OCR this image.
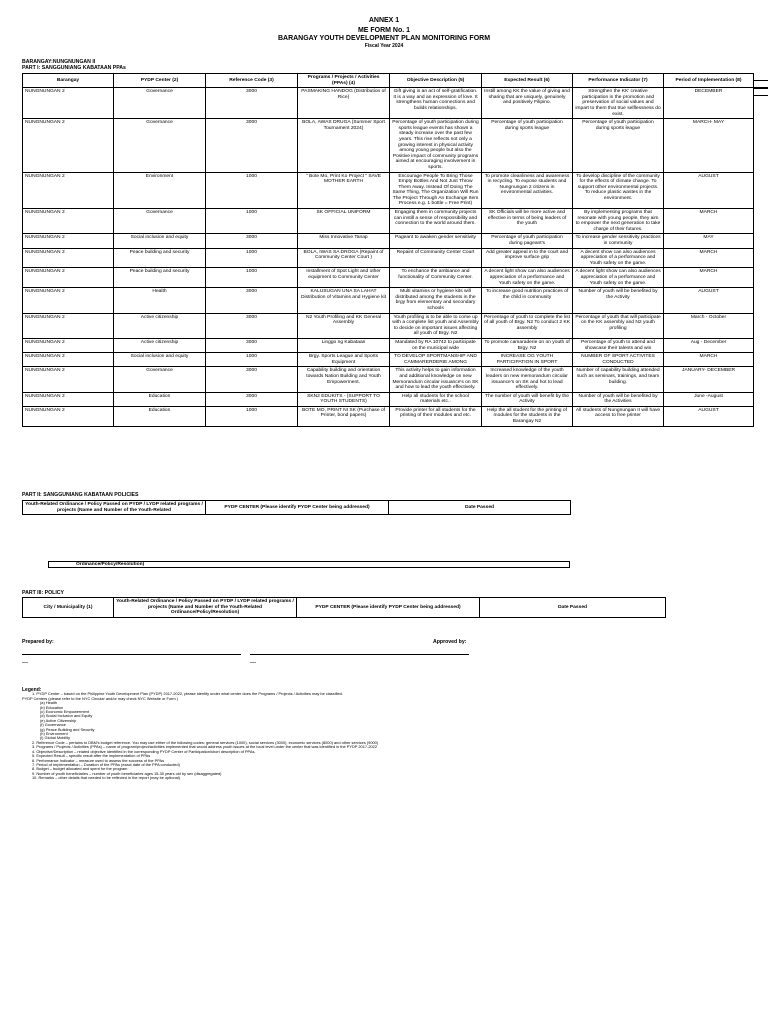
ANNEX 1
ME FORM No. 1
BARANGAY YOUTH DEVELOPMENT PLAN MONITORING FORM
Fiscal Year 2024
BARANGAY:NUNGNUNGAN II
PART I: SANGGUNIANG KABATAAN PPAs
Barangay	PYDP Center (2)	Reference Code (3)	Programs / Projects / Activities (PPAs) (4)	Objective Description (5)	Expected Result (6)	Performance Indicator (7)	Period of Implementation (8)
NUNGNUNGAN 2	Governance	3000	PASMAKING HANDOG (Distribution of Rice)	Gift giving is an act of self-gratification. It is a way and an expression of love. It strengthens human connections and builds relationships.	Instill among KK the value of giving and sharing that are uniquely, genuinely and positively Filipino.	Strengthen the KK' creative participation in the promotion and preservation of social values and impart to them that true selflessness do exist.	DECEMBER
NUNGNUNGAN 2	Governance	3000	BOLA, AWAS DRUGA (Summer Sport Tournament 2024)	Percentage of youth participation during sports league events has shown a steady increase over the past few years. This rise reflects not only a growing interest in physical activity among young people but also the Positive impact of community programs aimed at encouraging involvement in sports.	Percentage of youth participation during sports league	Percentage of youth participation during sports league	MARCH- MAY
NUNGNUNGAN 2	Environment	1000	" Bote Mo, Print Ko Project " SAVE MOTHER EARTH	Encourage People To Bring Those Empty Bottles And Not Just Throw Them Away. Instead Of Doing The Same Thing, The Organization Will Run The Project Through An Exchange Item Process e.g. 1 bottle = Free Print)	To promote cleanliness and awareness in recycling. To expose students and Nungnungan 2 citizens in environmental activities.	To develop discipline of the community for the effects of climate change. To support other environmental projects. To reduce plastic wastes in the environment.	AUGUST
NUNGNUNGAN 2	Governance	1000	SK OFFICIAL UNIFORM	Engaging them in community projects can instill a sense of responsibility and connection to the world around them.	SK Officials will be more active and effective in terms of being leaders of the youth	By implementing programs that resonate with young people, they aim to empower the next generation to take charge of their futures.	MARCH
NUNGNUNGAN 2	Social inclusion and equity	3000	Miss Innovative Tanap	Pageant to awaken gender sensitivity	Percentage of youth participation during pageant's	To increase gender sensitivity practices in community	MAY
NUNGNUNGAN 2	Peace building and security	1000	BOLA, IWAS SA DROGA (Repaint of Community Center Court )	Repaint of Community Center Court	Add greater appeal in to the court and improve surface grip	A decent show can also audiences appreciation of a performance and Youth safety on the game.	MARCH
NUNGNUNGAN 2	Peace building and security	1000	Installment of Spot Light and other equipment to Community Center	To enchance the ambiance and functionality of Community Center.	A decent light show can also audiences appreciation of a performance and Youth safety on the game.	A decent light show can also audiences appreciation of a performance and Youth safety on the game.	MARCH
NUNGNUNGAN 2	Health	3000	KALUSUGAN UNA SA LAHAT Distribution of Vitamins and Hygiene kit	Multi vitamins or hygiene kits will distributed among the students in the brgy from elementary and secondary schools	To increase good nutrition practices of the child in community	Number of youth will be benefited by the Activity	AUGUST
NUNGNUNGAN 2	Active citizenship	3000	N2 Youth Profiling and KK General Assembly	Youth profiling is to be able to come up with a complete list youth and Assembly to decide on important issues affecting all youth of Brgy. N2	Percentage of youth to complete the list of all youth of Brgy. N2 To conduct 2 KK assembly	Percentage of youth that will participate on the KK assembly and N2 youth profiling	March - October
NUNGNUNGAN 2	Active citizenship	3000	Linggo ng Kabataan	Mandated by RA 10742 to participate on the municipal wide	To promote camaraderie on on youth of Brgy. N2	Percentage of youth to attend and showcase their talents and win	Aug - December
NUNGNUNGAN 2	Social inclusion and equity	1000	Brgy. Sports League and Sports Equipment	TO DEVELOP SPORTMANSHIP AND CAMMARERDERIE AMONG	INCREASE OG YOUTH PARTICIPATION IN SPORT	NUMBER OF SPORT ACTIVITES CONDUCTED	MARCH
NUNGNUNGAN 2	Governance	3000	Capability building and orientation towards Nation Building and Youth Empowerment.	This activity helps to gain information and additional knowledge on new Memorandum circular issuance's on SK and how to lead the youth effectively.	Increased knowledge of the youth leaders on new memorandum circular issuance's on SK and hot to lead effectively.	Number of capability building attended such as seminars, trainings, and team building.	JANUARY- DECEMBER
NUNGNUNGAN 2	Education	3000	SKN2 EDUKITS - (SUPPORT TO YOUTH STUDENTS)	Help all students for the school materials etc..	The number of youth will benefit by the Activity	Number of youth will be benefited by the Activities	June -August
NUNGNUNGAN 2	Education	1000	BOTE MO, PRINT NI SK (Purchase of Printer, bond papers)	Provide printer for all students for the printing of their modules and etc.	Help the all student for the printing of modules for the students in the Barangay N2	All students of Nungnungan II will have access to free printer	AUGUST
PART II: SANGGUNIANG KABATAAN POLICIES
Youth-Related Ordinance / Policy Passed on PYDP / LYDP related programs / projects (Name and Number of the Youth-Related	PYDP CENTER (Please identify PYDP Center being addressed)	Date Passed
Ordinance/Policy/Resolution)
PART III: POLICY
City / Municipality (1)	Youth-Related Ordinance / Policy Passed on PYDP / LYDP related programs / projects (Name and Number of the Youth-Related Ordinance/Policy/Resolution)	PYDP CENTER (Please identify PYDP Center being addressed)	Date Passed
Prepared by:	Approved by:
—	—
Legend:
1. PYDP Center – based on the Philippine Youth Development Plan (PYDP) 2017-2022, please identify under what center does the Programs / Projects / Activities may be classified.
PYDP Centers (please refer to the NYC Circular and/or may check NYC Website or Form )
(a) Health
(b) Education
(c) Economic Empowerment
(d) Social Inclusion and Equity
(e) Active Citizenship
(f) Governance
(g) Peace Building and Security
(h) Environment
(i) Global Mobility
2. Reference Code – pertains to DBM's budget reference. You may use either of the following codes: general services (1000), social services (3000), economic services (8000) and other services (9000)
3. Programs / Projects / Activities (PPAs) – name of program/project/activities implemented that would address youth issues at the local level under the center that was identified in the PYDP 2017-2022
4. Objective/Description – related objective identified in the corresponding PYDP Center of Participation/short description of PPAs.
5. Expected Result – specific result after the implementation of PPAs
6. Performance Indicator – measure used to assess the success of the PPAs
7. Period of Implementation – Duration of the PPAs (exact date of the PPA conducted)
8. Budget – budget allocated and spent for the program
9. Number of youth beneficiaries – number of youth beneficiaries ages 15-30 years old by sex (disaggregated)
10. Remarks – other details that needed to be reflected in the report (may be optional)
